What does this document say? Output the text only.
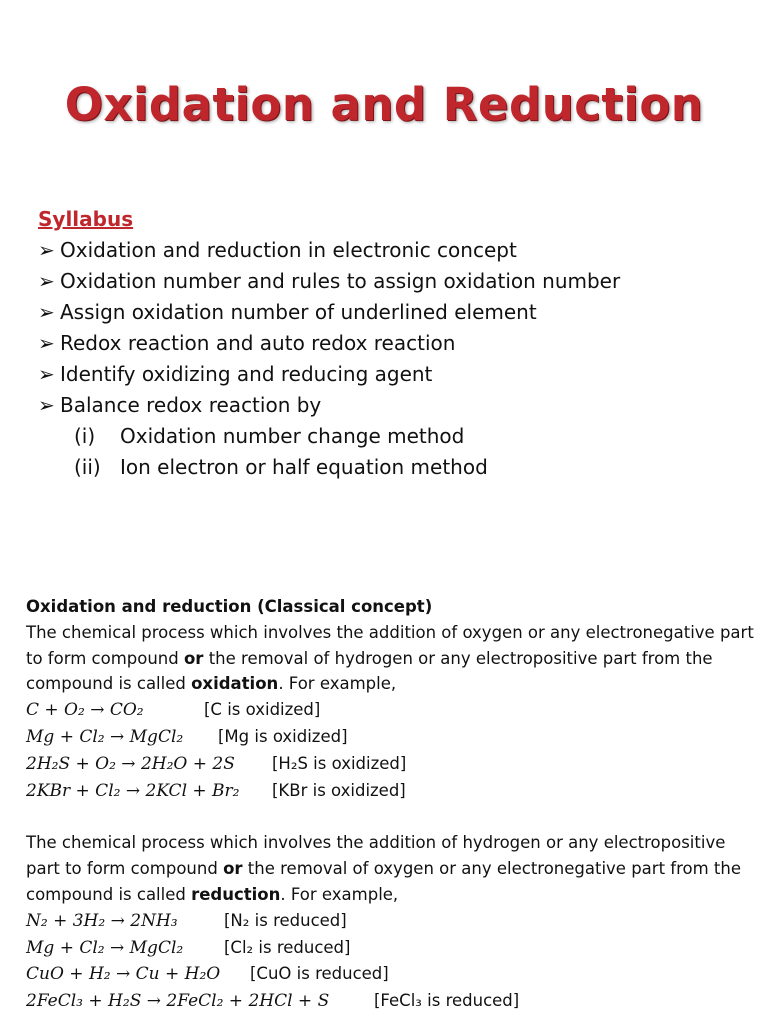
Oxidation and Reduction
Syllabus
➢ Oxidation and reduction in electronic concept
➢ Oxidation number and rules to assign oxidation number
➢ Assign oxidation number of underlined element
➢ Redox reaction and auto redox reaction
➢ Identify oxidizing and reducing agent
➢ Balance redox reaction by
(i) Oxidation number change method
(ii) Ion electron or half equation method
Oxidation and reduction (Classical concept)
The chemical process which involves the addition of oxygen or any electronegative part to form compound or the removal of hydrogen or any electropositive part from the compound is called oxidation. For example,
C + O₂ → CO₂	[C is oxidized]
Mg + Cl₂ → MgCl₂ [Mg is oxidized]
2H₂S + O₂ → 2H₂O + 2S [H₂S is oxidized]
2KBr + Cl₂ → 2KCl + Br₂ [KBr is oxidized]
The chemical process which involves the addition of hydrogen or any electropositive part to form compound or the removal of oxygen or any electronegative part from the compound is called reduction. For example,
N₂ + 3H₂ → 2NH₃	[N₂ is reduced]
Mg + Cl₂ → MgCl₂ [Cl₂ is reduced]
CuO + H₂ → Cu + H₂O [CuO is reduced]
2FeCl₃ + H₂S → 2FeCl₂ + 2HCl + S	[FeCl₃ is reduced]
